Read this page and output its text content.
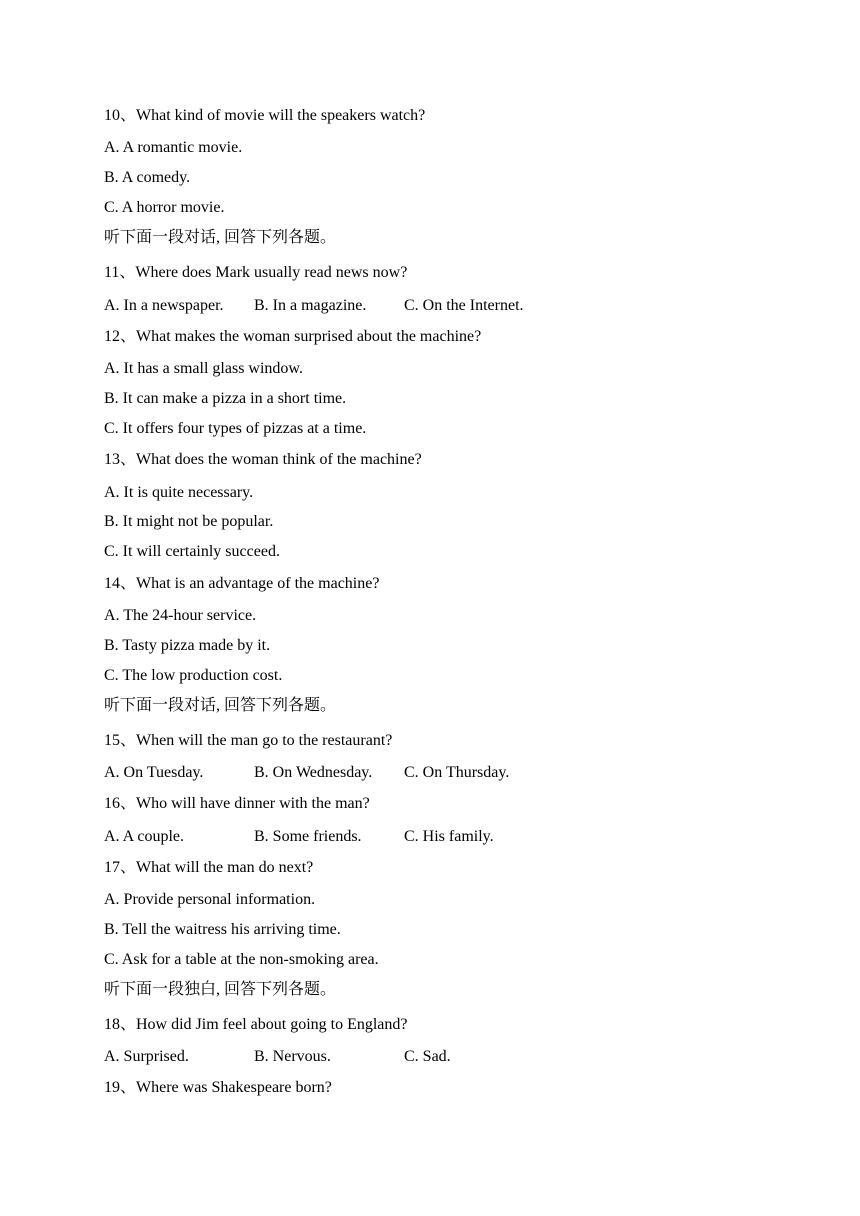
10、What kind of movie will the speakers watch?

A. A romantic movie.

B. A comedy.

C. A horror movie.

听下面一段对话, 回答下列各题。

11、Where does Mark usually read news now?

A. In a newspaper. B. In a magazine. C. On the Internet.

12、What makes the woman surprised about the machine?

A. It has a small glass window.

B. It can make a pizza in a short time.

C. It offers four types of pizzas at a time.

13、What does the woman think of the machine?

A. It is quite necessary.

B. It might not be popular.

C. It will certainly succeed.

14、What is an advantage of the machine?

A. The 24-hour service.

B. Tasty pizza made by it.

C. The low production cost.

听下面一段对话, 回答下列各题。

15、When will the man go to the restaurant?

A. On Tuesday.	B. On Wednesday. C. On Thursday.

16、Who will have dinner with the man?

A. A couple.	B. Some friends.	C. His family.

17、What will the man do next?

A. Provide personal information.

B. Tell the waitress his arriving time.

C. Ask for a table at the non-smoking area.

听下面一段独白, 回答下列各题。

18、How did Jim feel about going to England?

A. Surprised.	B. Nervous.	C. Sad.

19、Where was Shakespeare born?
